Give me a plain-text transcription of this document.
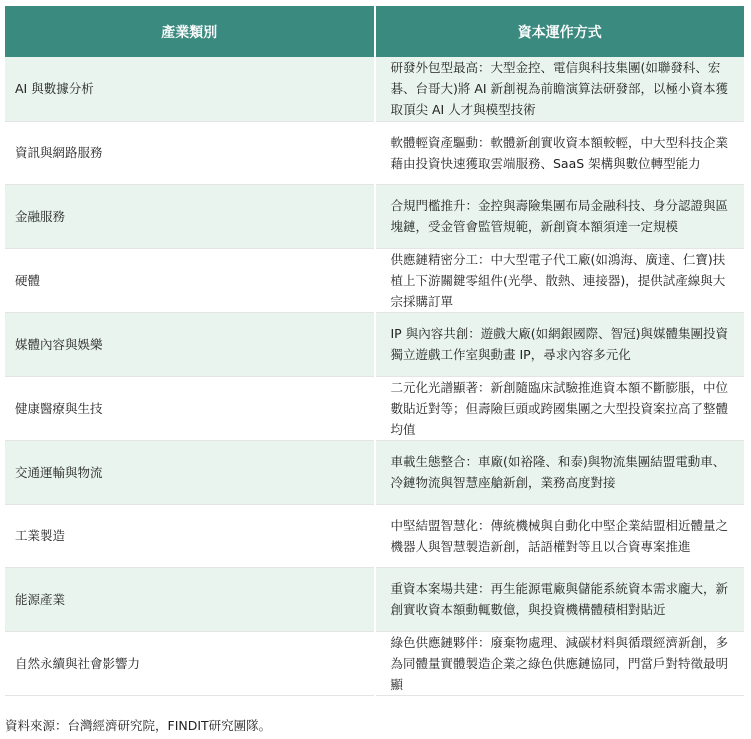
產業類別	資本運作方式
AI 與數據分析	研發外包型最高：大型金控、電信與科技集團(如聯發科、宏碁、台哥大)將 AI 新創視為前瞻演算法研發部，以極小資本獲取頂尖 AI 人才與模型技術
資訊與網路服務	軟體輕資產驅動：軟體新創實收資本額較輕，中大型科技企業藉由投資快速獲取雲端服務、SaaS 架構與數位轉型能力
金融服務	合規門檻推升：金控與壽險集團布局金融科技、身分認證與區塊鏈，受金管會監管規範，新創資本額須達一定規模
硬體	供應鏈精密分工：中大型電子代工廠(如鴻海、廣達、仁寶)扶植上下游關鍵零組件(光學、散熱、連接器)，提供試產線與大宗採購訂單
媒體內容與娛樂	IP 與內容共創：遊戲大廠(如網銀國際、智冠)與媒體集團投資獨立遊戲工作室與動畫 IP，尋求內容多元化
健康醫療與生技	二元化光譜顯著：新創隨臨床試驗推進資本額不斷膨脹，中位數貼近對等；但壽險巨頭或跨國集團之大型投資案拉高了整體均值
交通運輸與物流	車載生態整合：車廠(如裕隆、和泰)與物流集團結盟電動車、冷鏈物流與智慧座艙新創，業務高度對接
工業製造	中堅結盟智慧化：傳統機械與自動化中堅企業結盟相近體量之機器人與智慧製造新創，話語權對等且以合資專案推進
能源產業	重資本案場共建：再生能源電廠與儲能系統資本需求龐大，新創實收資本額動輒數億，與投資機構體積相對貼近
自然永續與社會影響力	綠色供應鏈夥伴：廢棄物處理、減碳材料與循環經濟新創，多為同體量實體製造企業之綠色供應鏈協同，門當戶對特徵最明顯
資料來源：台灣經濟研究院，FINDIT研究團隊。
